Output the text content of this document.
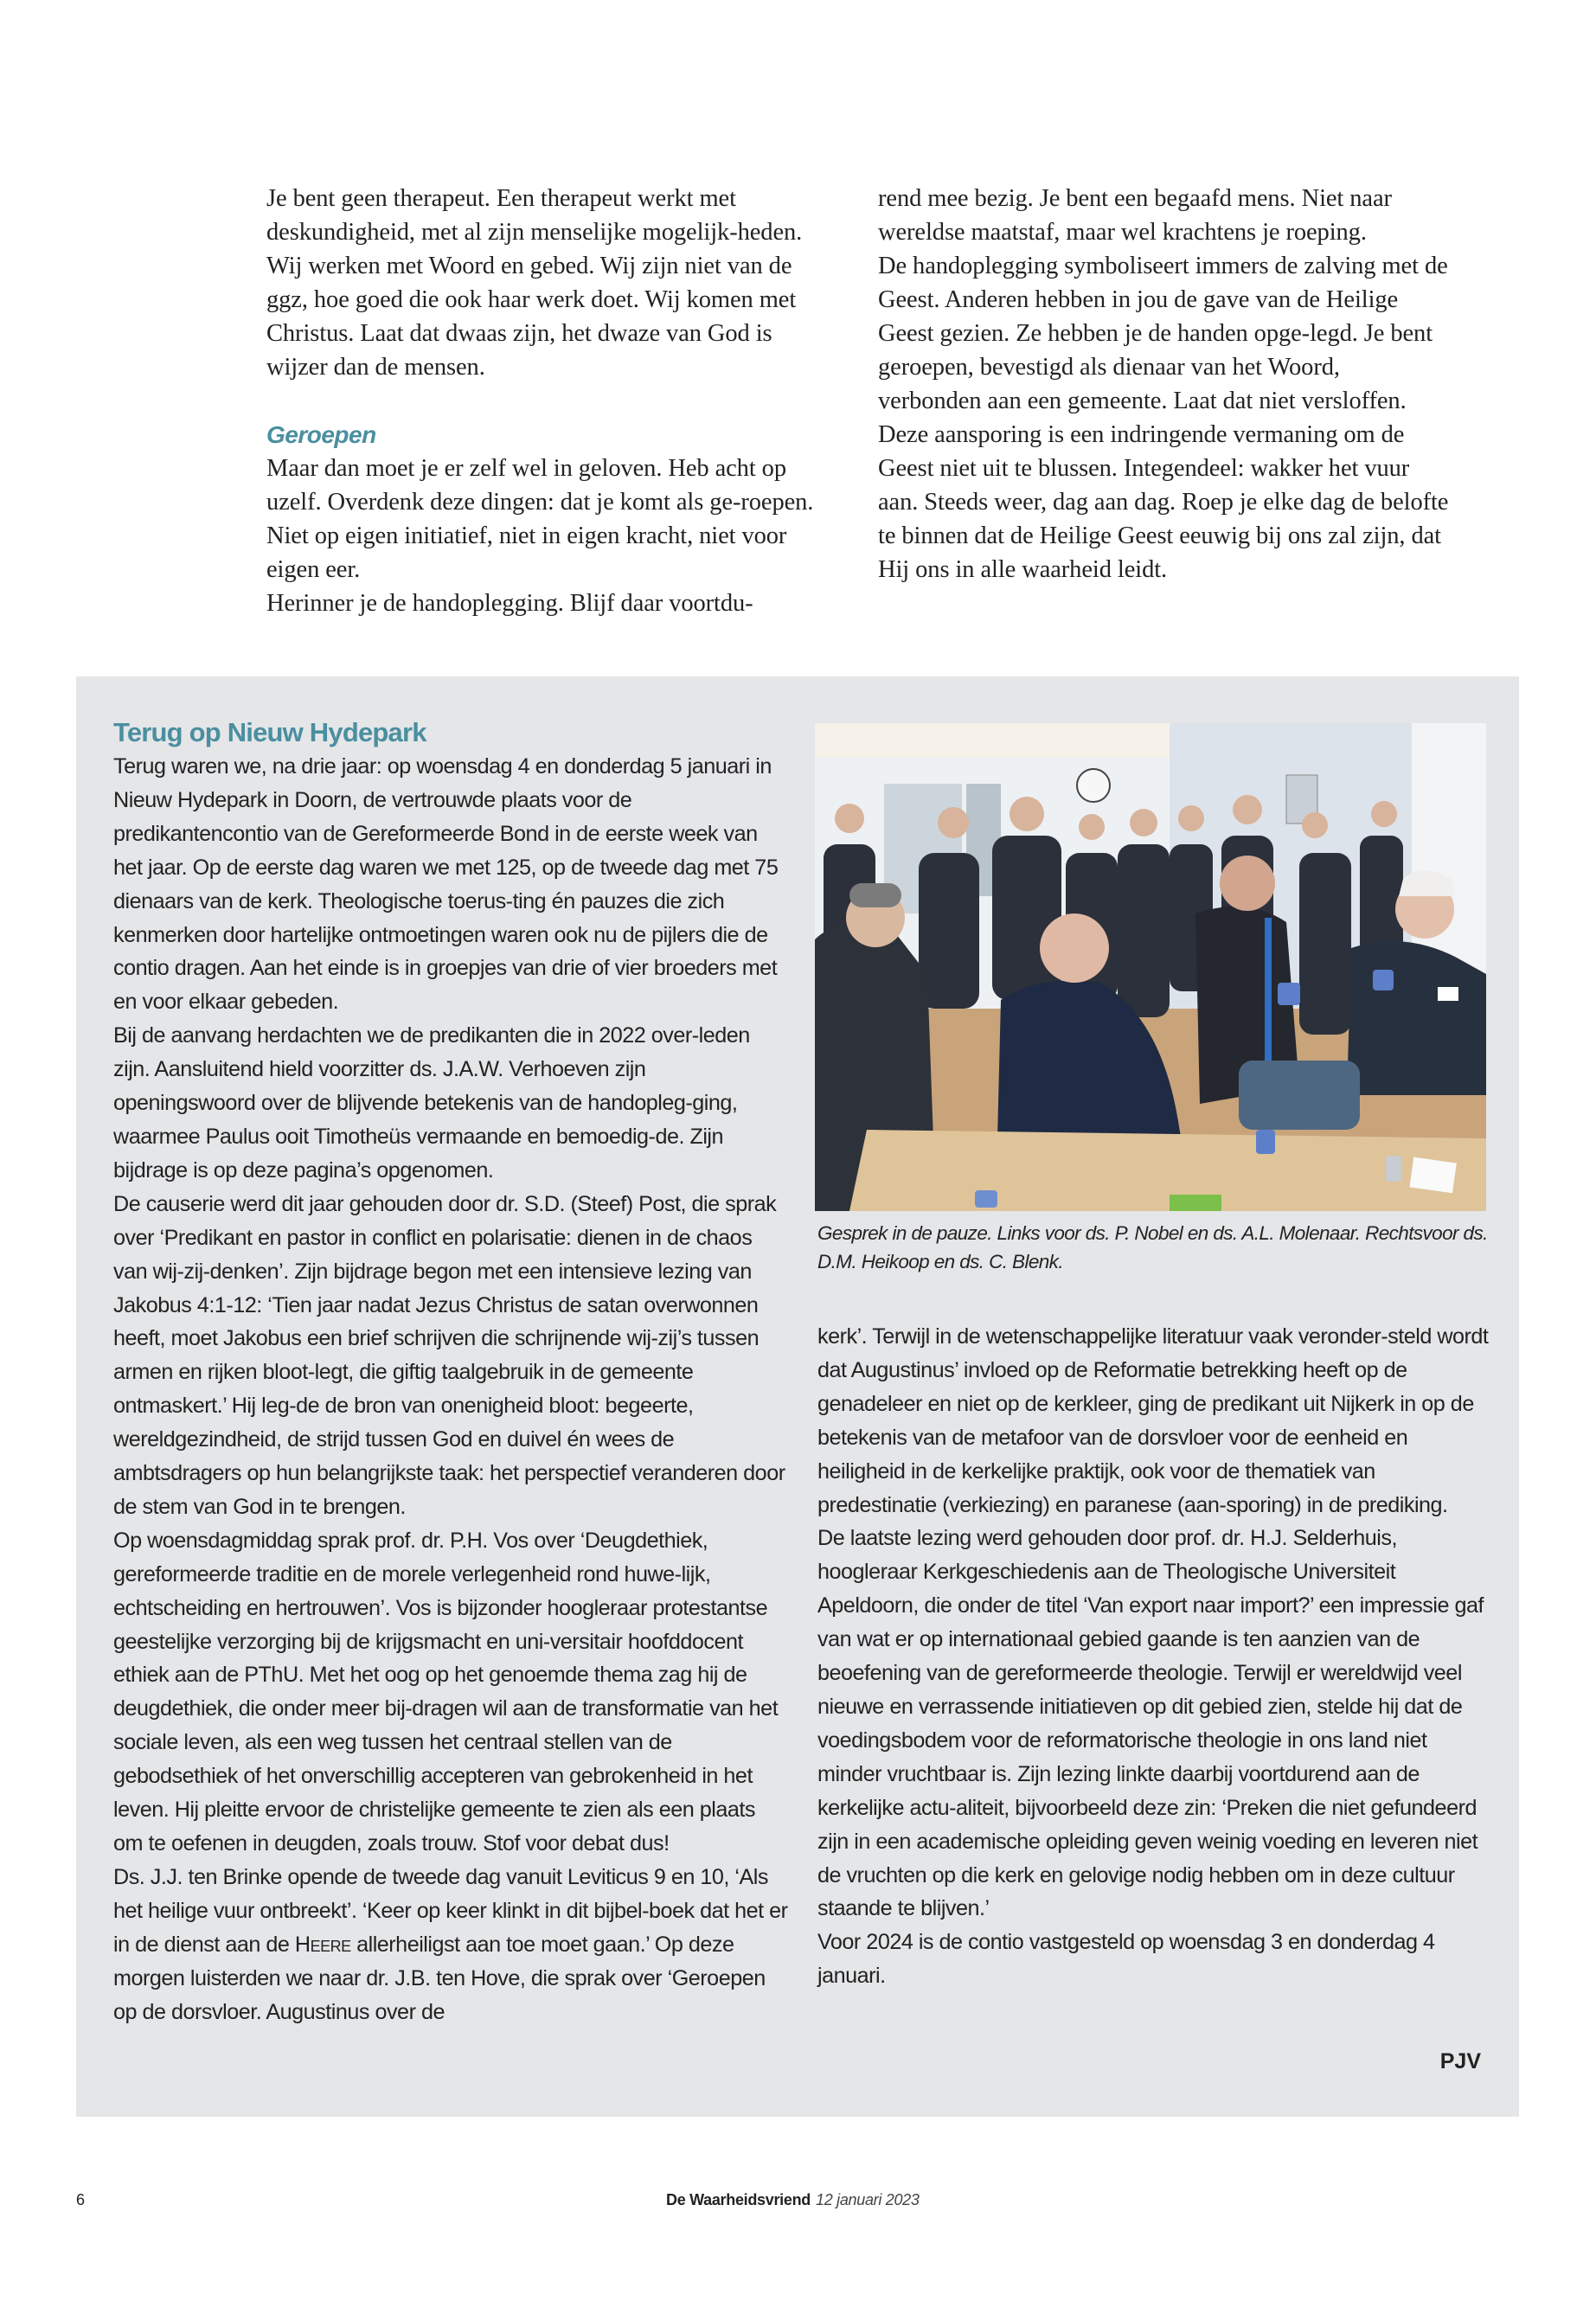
Je bent geen therapeut. Een therapeut werkt met deskundigheid, met al zijn menselijke mogelijk-heden. Wij werken met Woord en gebed. Wij zijn niet van de ggz, hoe goed die ook haar werk doet. Wij komen met Christus. Laat dat dwaas zijn, het dwaze van God is wijzer dan de mensen.

Geroepen

Maar dan moet je er zelf wel in geloven. Heb acht op uzelf. Overdenk deze dingen: dat je komt als ge-roepen. Niet op eigen initiatief, niet in eigen kracht, niet voor eigen eer.

Herinner je de handoplegging. Blijf daar voortdu-

rend mee bezig. Je bent een begaafd mens. Niet naar wereldse maatstaf, maar wel krachtens je roeping.

De handoplegging symboliseert immers de zalving met de Geest. Anderen hebben in jou de gave van de Heilige Geest gezien. Ze hebben je de handen opge-legd. Je bent geroepen, bevestigd als dienaar van het Woord, verbonden aan een gemeente. Laat dat niet versloffen.

Deze aansporing is een indringende vermaning om de Geest niet uit te blussen. Integendeel: wakker het vuur aan. Steeds weer, dag aan dag. Roep je elke dag de belofte te binnen dat de Heilige Geest eeuwig bij ons zal zijn, dat Hij ons in alle waarheid leidt.

Terug op Nieuw Hydepark

Terug waren we, na drie jaar: op woensdag 4 en donderdag 5 januari in Nieuw Hydepark in Doorn, de vertrouwde plaats voor de predikantencontio van de Gereformeerde Bond in de eerste week van het jaar. Op de eerste dag waren we met 125, op de tweede dag met 75 dienaars van de kerk. Theologische toerus-ting én pauzes die zich kenmerken door hartelijke ontmoetingen waren ook nu de pijlers die de contio dragen. Aan het einde is in groepjes van drie of vier broeders met en voor elkaar gebeden.

Bij de aanvang herdachten we de predikanten die in 2022 over-leden zijn. Aansluitend hield voorzitter ds. J.A.W. Verhoeven zijn openingswoord over de blijvende betekenis van de handopleg-ging, waarmee Paulus ooit Timotheüs vermaande en bemoedig-de. Zijn bijdrage is op deze pagina’s opgenomen.

De causerie werd dit jaar gehouden door dr. S.D. (Steef) Post, die sprak over ‘Predikant en pastor in conflict en polarisatie: dienen in de chaos van wij-zij-denken’. Zijn bijdrage begon met een intensieve lezing van Jakobus 4:1-12: ‘Tien jaar nadat Jezus Christus de satan overwonnen heeft, moet Jakobus een brief schrijven die schrijnende wij-zij’s tussen armen en rijken bloot-legt, die giftig taalgebruik in de gemeente ontmaskert.’ Hij leg-de de bron van onenigheid bloot: begeerte, wereldgezindheid, de strijd tussen God en duivel én wees de ambtsdragers op hun belangrijkste taak: het perspectief veranderen door de stem van God in te brengen.

Op woensdagmiddag sprak prof. dr. P.H. Vos over ‘Deugdethiek, gereformeerde traditie en de morele verlegenheid rond huwe-lijk, echtscheiding en hertrouwen’. Vos is bijzonder hoogleraar protestantse geestelijke verzorging bij de krijgsmacht en uni-versitair hoofddocent ethiek aan de PThU. Met het oog op het genoemde thema zag hij de deugdethiek, die onder meer bij-dragen wil aan de transformatie van het sociale leven, als een weg tussen het centraal stellen van de gebodsethiek of het onverschillig accepteren van gebrokenheid in het leven. Hij pleitte ervoor de christelijke gemeente te zien als een plaats om te oefenen in deugden, zoals trouw. Stof voor debat dus!

Ds. J.J. ten Brinke opende de tweede dag vanuit Leviticus 9 en 10, ‘Als het heilige vuur ontbreekt’. ‘Keer op keer klinkt in dit bijbel-boek dat het er in de dienst aan de Heere allerheiligst aan toe moet gaan.’ Op deze morgen luisterden we naar dr. J.B. ten Hove, die sprak over ‘Geroepen op de dorsvloer. Augustinus over de

Gesprek in de pauze. Links voor ds. P. Nobel en ds. A.L. Molenaar. Rechtsvoor ds. D.M. Heikoop en ds. C. Blenk.

kerk’. Terwijl in de wetenschappelijke literatuur vaak veronder-steld wordt dat Augustinus’ invloed op de Reformatie betrekking heeft op de genadeleer en niet op de kerkleer, ging de predikant uit Nijkerk in op de betekenis van de metafoor van de dorsvloer voor de eenheid en heiligheid in de kerkelijke praktijk, ook voor de thematiek van predestinatie (verkiezing) en paranese (aan-sporing) in de prediking.

De laatste lezing werd gehouden door prof. dr. H.J. Selderhuis, hoogleraar Kerkgeschiedenis aan de Theologische Universiteit Apeldoorn, die onder de titel ‘Van export naar import?’ een impressie gaf van wat er op internationaal gebied gaande is ten aanzien van de beoefening van de gereformeerde theologie. Terwijl er wereldwijd veel nieuwe en verrassende initiatieven op dit gebied zien, stelde hij dat de voedingsbodem voor de reformatorische theologie in ons land niet minder vruchtbaar is. Zijn lezing linkte daarbij voortdurend aan de kerkelijke actu-aliteit, bijvoorbeeld deze zin: ‘Preken die niet gefundeerd zijn in een academische opleiding geven weinig voeding en leveren niet de vruchten op die kerk en gelovige nodig hebben om in deze cultuur staande te blijven.’

Voor 2024 is de contio vastgesteld op woensdag 3 en donderdag 4 januari.

PJV
6	De Waarheidsvriend 12 januari 2023
